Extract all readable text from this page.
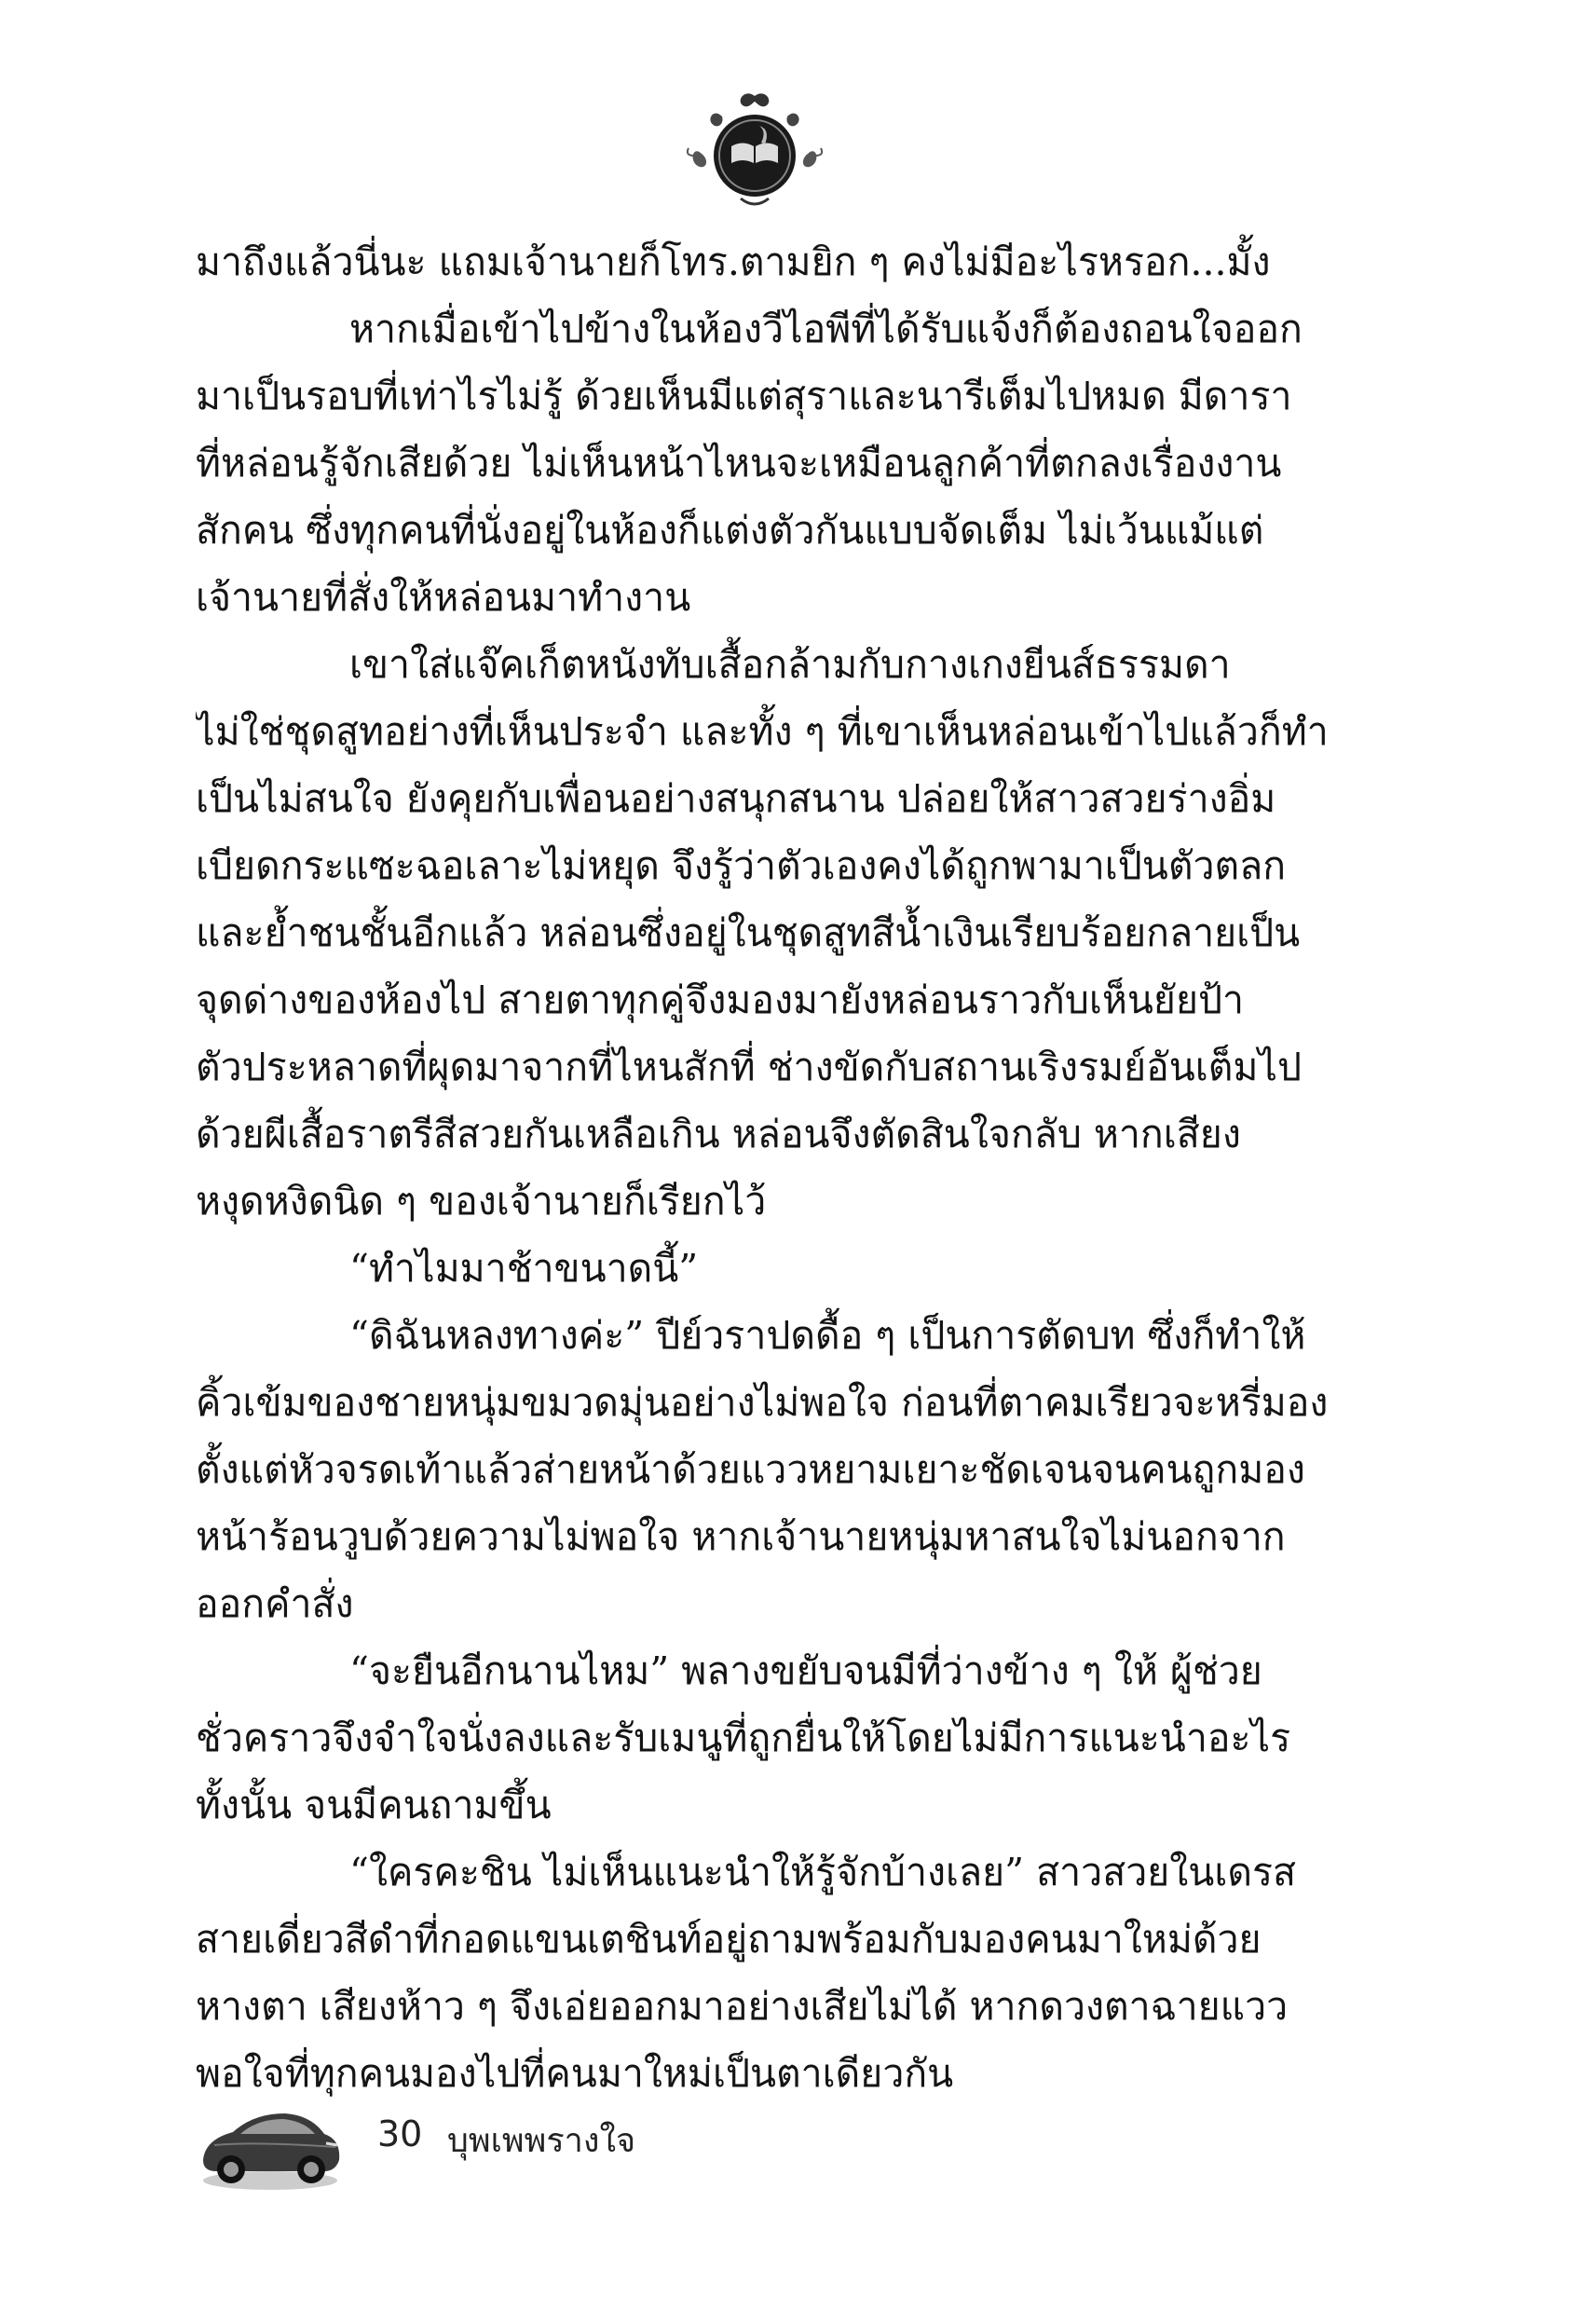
มาถึงแล้วนี่นะ แถมเจ้านายก็โทร.ตามยิก ๆ คงไม่มีอะไรหรอก...มั้ง
หากเมื่อเข้าไปข้างในห้องวีไอพีที่ได้รับแจ้งก็ต้องถอนใจออก
มาเป็นรอบที่เท่าไรไม่รู้ ด้วยเห็นมีแต่สุราและนารีเต็มไปหมด มีดารา
ที่หล่อนรู้จักเสียด้วย ไม่เห็นหน้าไหนจะเหมือนลูกค้าที่ตกลงเรื่องงาน
สักคน ซึ่งทุกคนที่นั่งอยู่ในห้องก็แต่งตัวกันแบบจัดเต็ม ไม่เว้นแม้แต่
เจ้านายที่สั่งให้หล่อนมาทำงาน
เขาใส่แจ๊คเก็ตหนังทับเสื้อกล้ามกับกางเกงยีนส์ธรรมดา
ไม่ใช่ชุดสูทอย่างที่เห็นประจำ และทั้ง ๆ ที่เขาเห็นหล่อนเข้าไปแล้วก็ทำ
เป็นไม่สนใจ ยังคุยกับเพื่อนอย่างสนุกสนาน ปล่อยให้สาวสวยร่างอิ่ม
เบียดกระแซะฉอเลาะไม่หยุด จึงรู้ว่าตัวเองคงได้ถูกพามาเป็นตัวตลก
และย้ำชนชั้นอีกแล้ว หล่อนซึ่งอยู่ในชุดสูทสีน้ำเงินเรียบร้อยกลายเป็น
จุดด่างของห้องไป สายตาทุกคู่จึงมองมายังหล่อนราวกับเห็นยัยป้า
ตัวประหลาดที่ผุดมาจากที่ไหนสักที่ ช่างขัดกับสถานเริงรมย์อันเต็มไป
ด้วยผีเสื้อราตรีสีสวยกันเหลือเกิน หล่อนจึงตัดสินใจกลับ หากเสียง
หงุดหงิดนิด ๆ ของเจ้านายก็เรียกไว้
“ทำไมมาช้าขนาดนี้”
“ดิฉันหลงทางค่ะ” ปีย์วราปดดื้อ ๆ เป็นการตัดบท ซึ่งก็ทำให้
คิ้วเข้มของชายหนุ่มขมวดมุ่นอย่างไม่พอใจ ก่อนที่ตาคมเรียวจะหรี่มอง
ตั้งแต่หัวจรดเท้าแล้วส่ายหน้าด้วยแววหยามเยาะชัดเจนจนคนถูกมอง
หน้าร้อนวูบด้วยความไม่พอใจ หากเจ้านายหนุ่มหาสนใจไม่นอกจาก
ออกคำสั่ง
“จะยืนอีกนานไหม” พลางขยับจนมีที่ว่างข้าง ๆ ให้ ผู้ช่วย
ชั่วคราวจึงจำใจนั่งลงและรับเมนูที่ถูกยื่นให้โดยไม่มีการแนะนำอะไร
ทั้งนั้น จนมีคนถามขึ้น
“ใครคะชิน ไม่เห็นแนะนำให้รู้จักบ้างเลย” สาวสวยในเดรส
สายเดี่ยวสีดำที่กอดแขนเตชินท์อยู่ถามพร้อมกับมองคนมาใหม่ด้วย
หางตา เสียงห้าว ๆ จึงเอ่ยออกมาอย่างเสียไม่ได้ หากดวงตาฉายแวว
พอใจที่ทุกคนมองไปที่คนมาใหม่เป็นตาเดียวกัน
30 บุพเพพรางใจ
